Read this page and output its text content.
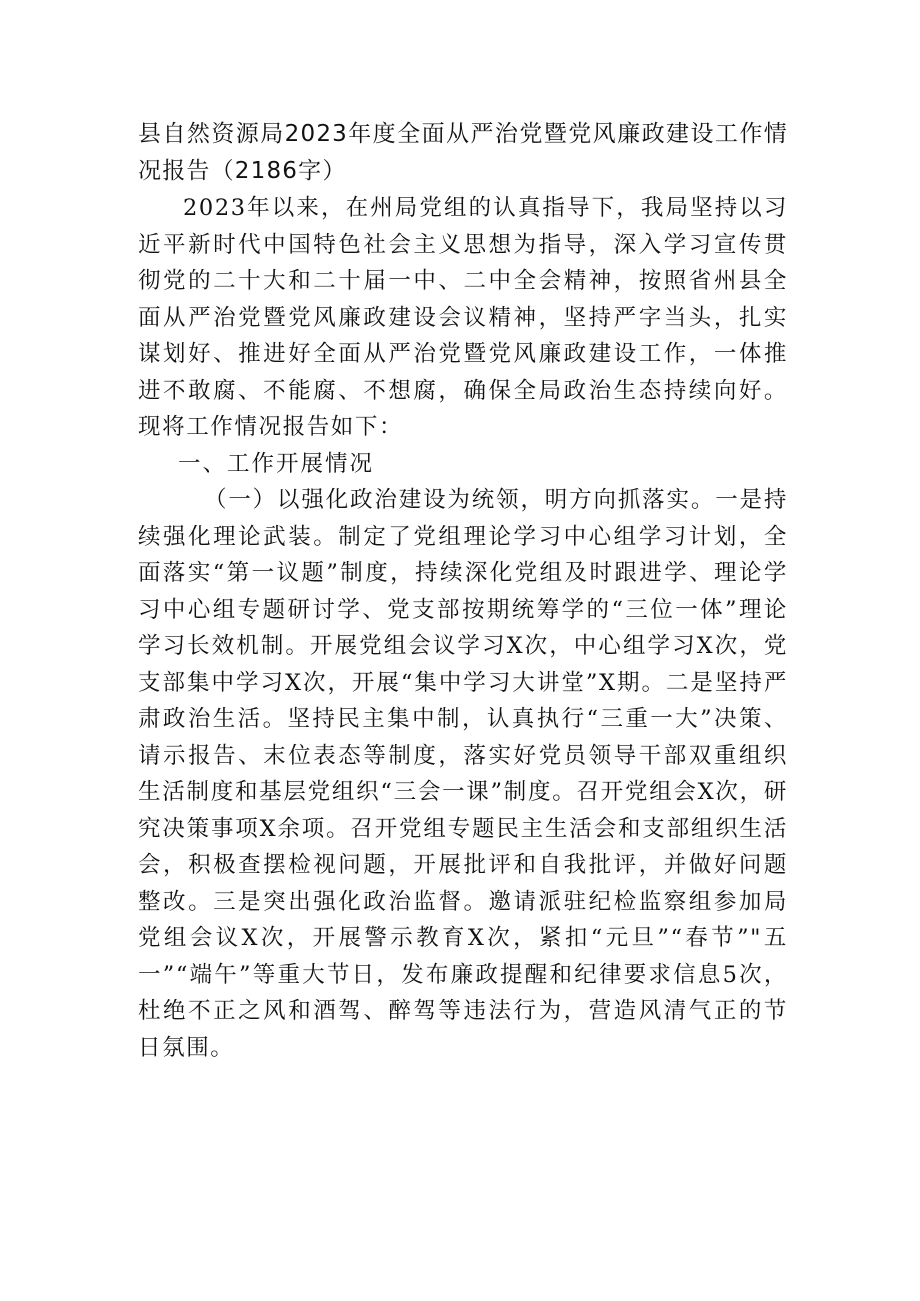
县自然资源局2023年度全面从严治党暨党风廉政建设工作情况报告（2186字）

2023年以来，在州局党组的认真指导下，我局坚持以习近平新时代中国特色社会主义思想为指导，深入学习宣传贯彻党的二十大和二十届一中、二中全会精神，按照省州县全面从严治党暨党风廉政建设会议精神，坚持严字当头，扎实谋划好、推进好全面从严治党暨党风廉政建设工作，一体推进不敢腐、不能腐、不想腐，确保全局政治生态持续向好。现将工作情况报告如下：

一、工作开展情况

（一）以强化政治建设为统领，明方向抓落实。一是持续强化理论武装。制定了党组理论学习中心组学习计划，全面落实“第一议题”制度，持续深化党组及时跟进学、理论学习中心组专题研讨学、党支部按期统筹学的“三位一体”理论学习长效机制。开展党组会议学习X次，中心组学习X次，党支部集中学习X次，开展“集中学习大讲堂”X期。二是坚持严肃政治生活。坚持民主集中制，认真执行“三重一大”决策、请示报告、末位表态等制度，落实好党员领导干部双重组织生活制度和基层党组织“三会一课”制度。召开党组会X次，研究决策事项X余项。召开党组专题民主生活会和支部组织生活会，积极查摆检视问题，开展批评和自我批评，并做好问题整改。三是突出强化政治监督。邀请派驻纪检监察组参加局党组会议X次，开展警示教育X次，紧扣“元旦”“春节”"五一”“端午”等重大节日，发布廉政提醒和纪律要求信息5次，杜绝不正之风和酒驾、醉驾等违法行为，营造风清气正的节日氛围。
